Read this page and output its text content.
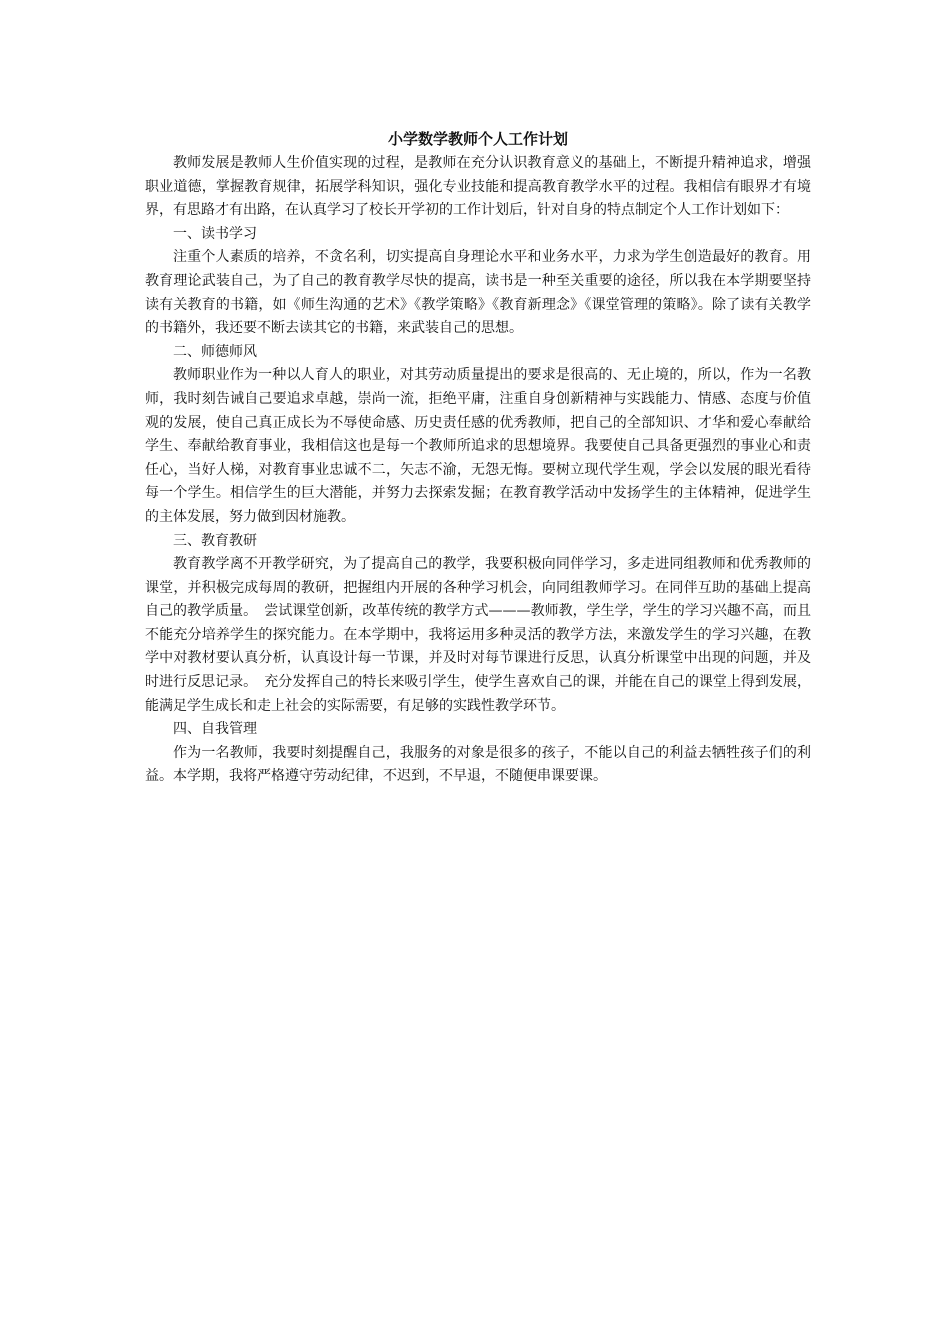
小学数学教师个人工作计划

教师发展是教师人生价值实现的过程，是教师在充分认识教育意义的基础上，不断提升精神追求，增强职业道德，掌握教育规律，拓展学科知识，强化专业技能和提高教育教学水平的过程。我相信有眼界才有境界，有思路才有出路，在认真学习了校长开学初的工作计划后，针对自身的特点制定个人工作计划如下：

一、读书学习

注重个人素质的培养，不贪名利，切实提高自身理论水平和业务水平，力求为学生创造最好的教育。用教育理论武装自己，为了自己的教育教学尽快的提高，读书是一种至关重要的途径，所以我在本学期要坚持读有关教育的书籍，如《师生沟通的艺术》《教学策略》《教育新理念》《课堂管理的策略》。除了读有关教学的书籍外，我还要不断去读其它的书籍，来武装自己的思想。

二、师德师风

教师职业作为一种以人育人的职业，对其劳动质量提出的要求是很高的、无止境的，所以，作为一名教师，我时刻告诫自己要追求卓越，崇尚一流，拒绝平庸，注重自身创新精神与实践能力、情感、态度与价值观的发展，使自己真正成长为不辱使命感、历史责任感的优秀教师，把自己的全部知识、才华和爱心奉献给学生、奉献给教育事业，我相信这也是每一个教师所追求的思想境界。我要使自己具备更强烈的事业心和责任心，当好人梯，对教育事业忠诚不二，矢志不渝，无怨无悔。要树立现代学生观，学会以发展的眼光看待每一个学生。相信学生的巨大潜能，并努力去探索发掘；在教育教学活动中发扬学生的主体精神，促进学生的主体发展，努力做到因材施教。

三、教育教研

教育教学离不开教学研究，为了提高自己的教学，我要积极向同伴学习，多走进同组教师和优秀教师的课堂，并积极完成每周的教研，把握组内开展的各种学习机会，向同组教师学习。在同伴互助的基础上提高自己的教学质量。　尝试课堂创新，改革传统的教学方式———教师教，学生学，学生的学习兴趣不高，而且不能充分培养学生的探究能力。在本学期中，我将运用多种灵活的教学方法，来激发学生的学习兴趣，在教学中对教材要认真分析，认真设计每一节课，并及时对每节课进行反思，认真分析课堂中出现的问题，并及时进行反思记录。　充分发挥自己的特长来吸引学生，使学生喜欢自己的课，并能在自己的课堂上得到发展，能满足学生成长和走上社会的实际需要，有足够的实践性教学环节。

四、自我管理

作为一名教师，我要时刻提醒自己，我服务的对象是很多的孩子，不能以自己的利益去牺牲孩子们的利益。本学期，我将严格遵守劳动纪律，不迟到，不早退，不随便串课要课。
